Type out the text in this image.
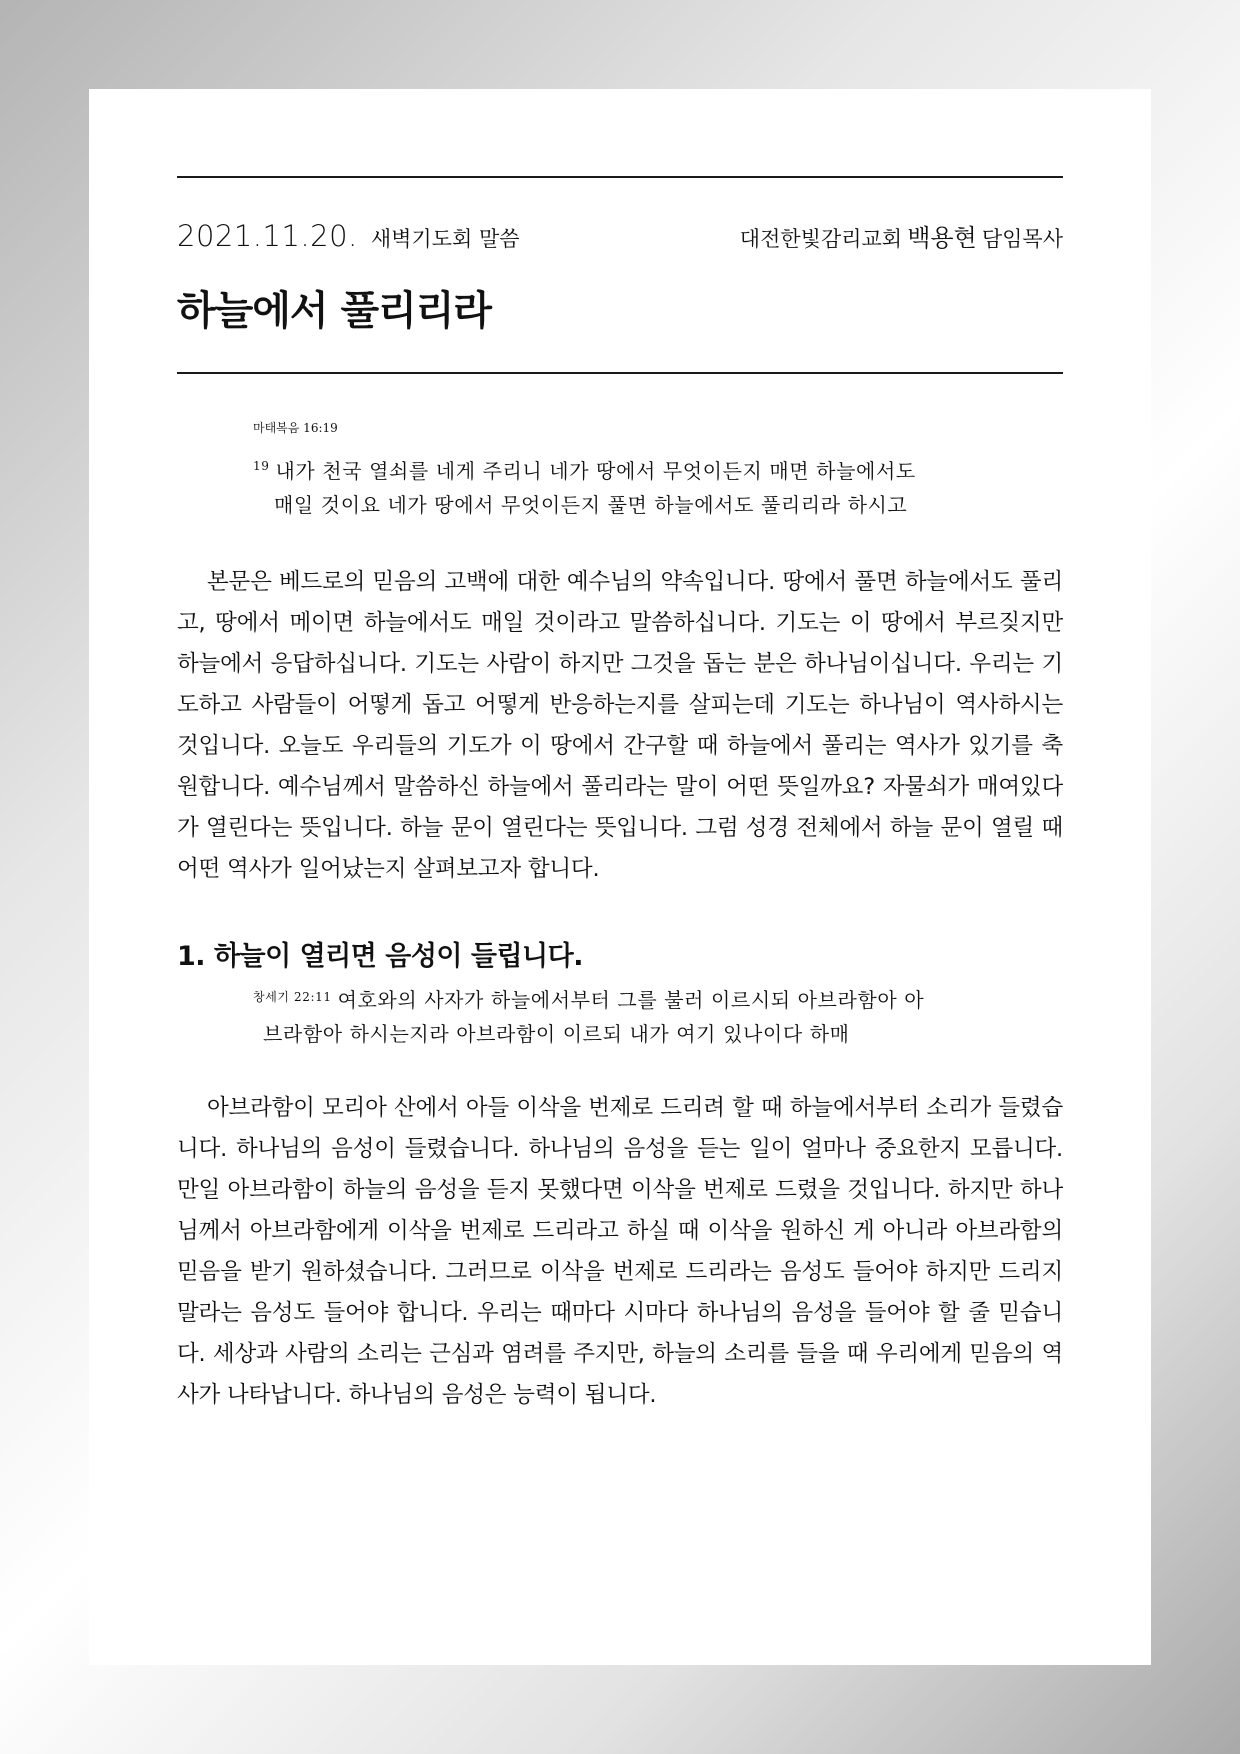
2021.11.20. 새벽기도회 말씀	대전한빛감리교회 백용현 담임목사
하늘에서 풀리리라
마태복음 16:19
$^{19}$ 내가 천국 열쇠를 네게 주리니 네가 땅에서 무엇이든지 매면 하늘에서도
매일 것이요 네가 땅에서 무엇이든지 풀면 하늘에서도 풀리리라 하시고

본문은 베드로의 믿음의 고백에 대한 예수님의 약속입니다. 땅에서 풀면 하늘에서도 풀리고, 땅에서 메이면 하늘에서도 매일 것이라고 말씀하십니다. 기도는 이 땅에서 부르짖지만 하늘에서 응답하십니다. 기도는 사람이 하지만 그것을 돕는 분은 하나님이십니다. 우리는 기도하고 사람들이 어떻게 돕고 어떻게 반응하는지를 살피는데 기도는 하나님이 역사하시는 것입니다. 오늘도 우리들의 기도가 이 땅에서 간구할 때 하늘에서 풀리는 역사가 있기를 축원합니다. 예수님께서 말씀하신 하늘에서 풀리라는 말이 어떤 뜻일까요? 자물쇠가 매여있다가 열린다는 뜻입니다. 하늘 문이 열린다는 뜻입니다. 그럼 성경 전체에서 하늘 문이 열릴 때 어떤 역사가 일어났는지 살펴보고자 합니다.

1. 하늘이 열리면 음성이 들립니다.
$^{창세기 22:11}$ 여호와의 사자가 하늘에서부터 그를 불러 이르시되 아브라함아 아
브라함아 하시는지라 아브라함이 이르되 내가 여기 있나이다 하매

아브라함이 모리아 산에서 아들 이삭을 번제로 드리려 할 때 하늘에서부터 소리가 들렸습니다. 하나님의 음성이 들렸습니다. 하나님의 음성을 듣는 일이 얼마나 중요한지 모릅니다. 만일 아브라함이 하늘의 음성을 듣지 못했다면 이삭을 번제로 드렸을 것입니다. 하지만 하나님께서 아브라함에게 이삭을 번제로 드리라고 하실 때 이삭을 원하신 게 아니라 아브라함의 믿음을 받기 원하셨습니다. 그러므로 이삭을 번제로 드리라는 음성도 들어야 하지만 드리지 말라는 음성도 들어야 합니다. 우리는 때마다 시마다 하나님의 음성을 들어야 할 줄 믿습니다. 세상과 사람의 소리는 근심과 염려를 주지만, 하늘의 소리를 들을 때 우리에게 믿음의 역사가 나타납니다. 하나님의 음성은 능력이 됩니다.
